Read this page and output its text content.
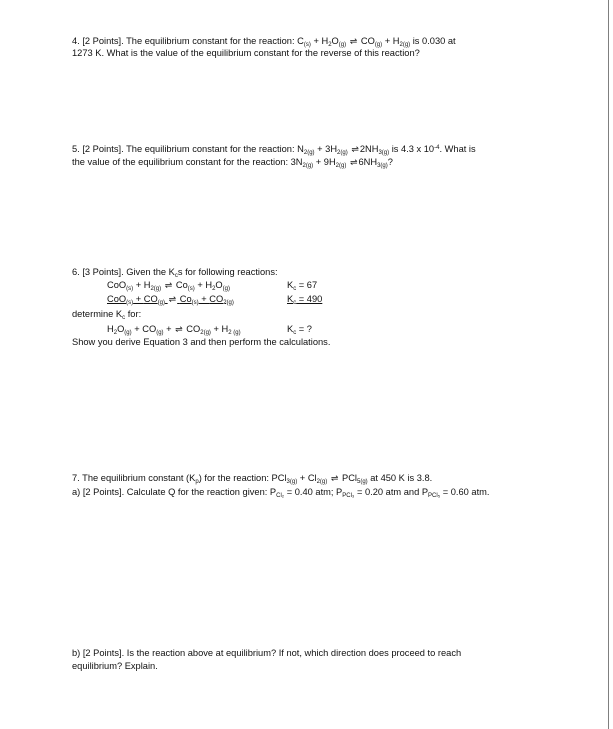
4. [2 Points]. The equilibrium constant for the reaction: $C_{(s)} + H_2O_{(g)}$ ⇌ $CO_{(g)} + H_{2(g)}$ is 0.030 at
1273 K. What is the value of the equilibrium constant for the reverse of this reaction?
5. [2 Points]. The equilibrium constant for the reaction: $N_{2(g)} + 3H_{2(g)}$ $\rightleftharpoons 2NH_{3(g)}$ is 4.3 x $10^{-4}$. What is
the value of the equilibrium constant for the reaction: $3N_{2(g)} + 9H_{2(g)}$ $\rightleftharpoons 6NH_{3(g)}$?
6. [3 Points]. Given the $K_cs$ for following reactions:
$CoO_{(s)} + H_{2(g)}$ ⇌ $Co_{(s)} + H_2O_{(g)}$	$K_c = 67$
$CoO_{(s)} + CO_{(g)}$ ⇌ $Co_{(s)} + CO_{2(g)}$	$K_c = 490$
determine $K_c$ for:
$H_2O_{(g)} + CO_{(g)}$ + ⇌ $CO_{2(g)} + H_{2 (g)}$	$K_c$ = ?
Show you derive Equation 3 and then perform the calculations.
7. The equilibrium constant $(K_p)$ for the reaction: $PCl_{3(g)} + Cl_{2(g)}$ ⇌ PCl$_{5(g)}$ at 450 K is 3.8.
a) [2 Points]. Calculate Q for the reaction given: $P_{Cl_2} = 0.40$ atm; $P_{PCl_3} = 0.20$ atm and $P_{PCl_5} = 0.60$ atm.
b) [2 Points]. Is the reaction above at equilibrium? If not, which direction does proceed to reach
equilibrium? Explain.
